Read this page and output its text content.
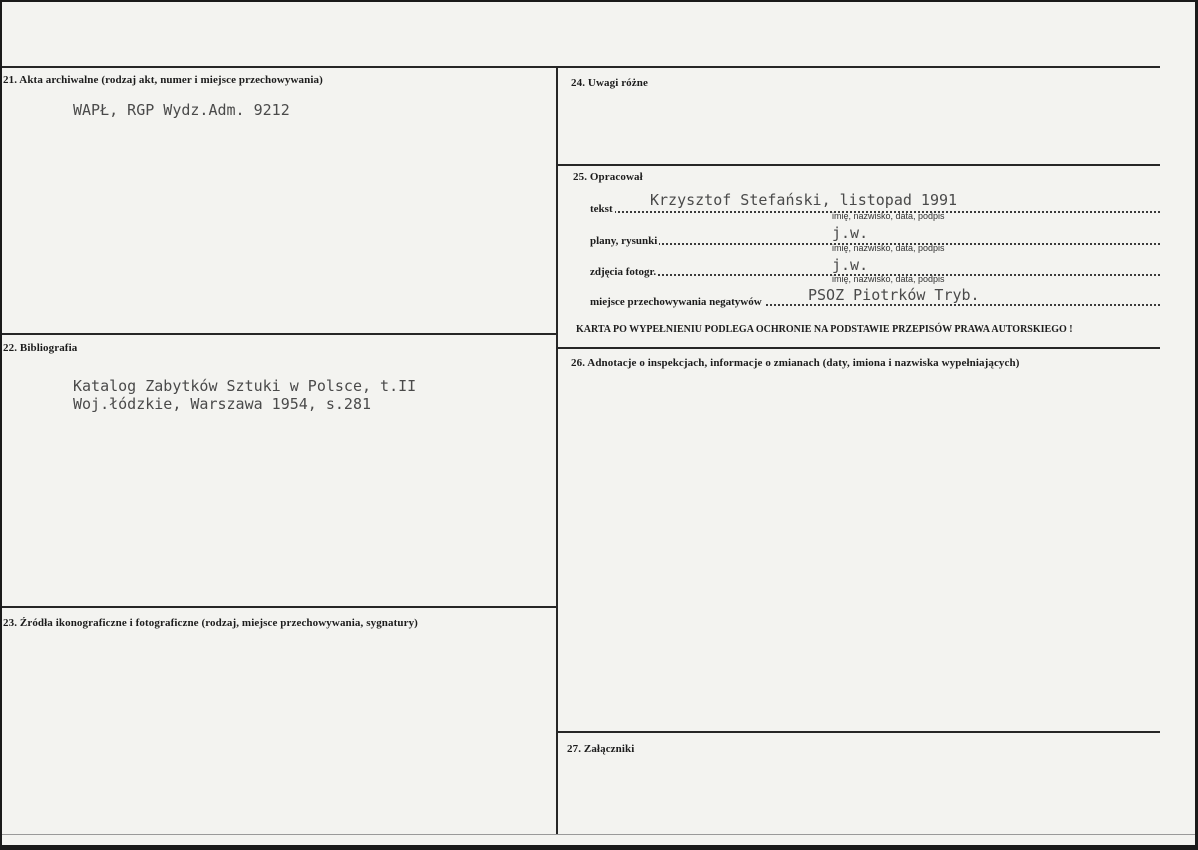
21. Akta archiwalne (rodzaj akt, numer i miejsce przechowywania)
WAPŁ, RGP Wydz.Adm. 9212
22. Bibliografia
Katalog Zabytków Sztuki w Polsce, t.II
Woj.łódzkie, Warszawa 1954, s.281
23. Źródła ikonograficzne i fotograficzne (rodzaj, miejsce przechowywania, sygnatury)
24. Uwagi różne
25. Opracował
tekst Krzysztof Stefański, listopad 1991
imię, nazwisko, data, podpis
plany, rysunki	j.w.
imię, nazwisko, data, podpis
zdjęcia fotogr.	j.w.
imię, nazwisko, data, podpis
miejsce przechowywania negatywów	PSOZ Piotrków Tryb.
KARTA PO WYPEŁNIENIU PODLEGA OCHRONIE NA PODSTAWIE PRZEPISÓW PRAWA AUTORSKIEGO !
26. Adnotacje o inspekcjach, informacje o zmianach (daty, imiona i nazwiska wypełniających)
27. Załączniki
